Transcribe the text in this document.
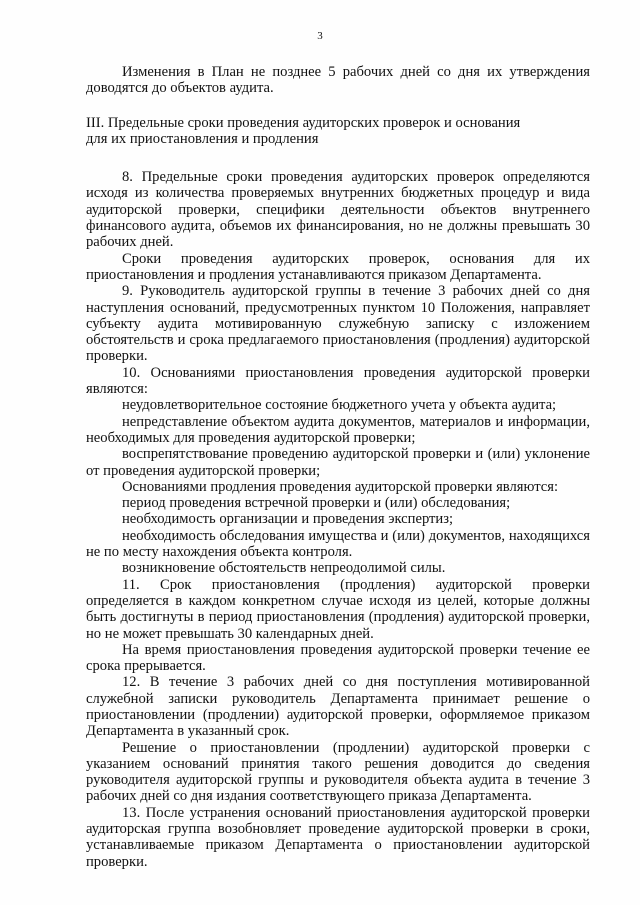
3

Изменения в План не позднее 5 рабочих дней со дня их утверждения доводятся до объектов аудита.

III. Предельные сроки проведения аудиторских проверок и основания

для их приостановления и продления

8. Предельные сроки проведения аудиторских проверок определяются исходя из количества проверяемых внутренних бюджетных процедур и вида аудиторской проверки, специфики деятельности объектов внутреннего финансового аудита, объемов их финансирования, но не должны превышать 30 рабочих дней.

Сроки проведения аудиторских проверок, основания для их приостановления и продления устанавливаются приказом Департамента.

9. Руководитель аудиторской группы в течение 3 рабочих дней со дня наступления оснований, предусмотренных пунктом 10 Положения, направляет субъекту аудита мотивированную служебную записку с изложением обстоятельств и срока предлагаемого приостановления (продления) аудиторской проверки.

10. Основаниями приостановления проведения аудиторской проверки являются:

неудовлетворительное состояние бюджетного учета у объекта аудита;

непредставление объектом аудита документов, материалов и информации, необходимых для проведения аудиторской проверки;

воспрепятствование проведению аудиторской проверки и (или) уклонение от проведения аудиторской проверки;

Основаниями продления проведения аудиторской проверки являются:

период проведения встречной проверки и (или) обследования;

необходимость организации и проведения экспертиз;

необходимость обследования имущества и (или) документов, находящихся не по месту нахождения объекта контроля.

возникновение обстоятельств непреодолимой силы.

11. Срок приостановления (продления) аудиторской проверки определяется в каждом конкретном случае исходя из целей, которые должны быть достигнуты в период приостановления (продления) аудиторской проверки, но не может превышать 30 календарных дней.

На время приостановления проведения аудиторской проверки течение ее срока прерывается.

12. В течение 3 рабочих дней со дня поступления мотивированной служебной записки руководитель Департамента принимает решение о приостановлении (продлении) аудиторской проверки, оформляемое приказом Департамента в указанный срок.

Решение о приостановлении (продлении) аудиторской проверки с указанием оснований принятия такого решения доводится до сведения руководителя аудиторской группы и руководителя объекта аудита в течение 3 рабочих дней со дня издания соответствующего приказа Департамента.

13. После устранения оснований приостановления аудиторской проверки аудиторская группа возобновляет проведение аудиторской проверки в сроки, устанавливаемые приказом Департамента о приостановлении аудиторской проверки.
